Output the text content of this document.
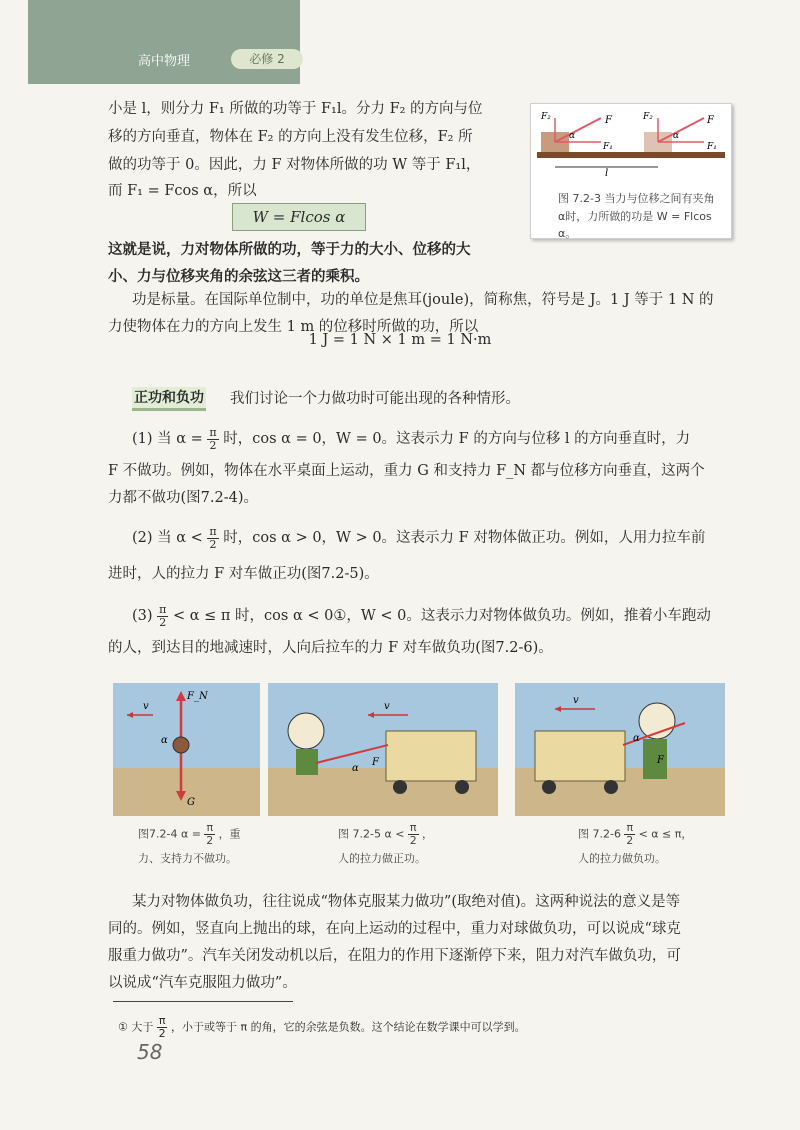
高中物理	必修 2
小是 l，则分力 F₁ 所做的功等于 F₁l。分力 F₂ 的方向与位
移的方向垂直，物体在 F₂ 的方向上没有发生位移，F₂ 所
做的功等于 0。因此，力 F 对物体所做的功 W 等于 F₁l，
而 F₁ = Fcos α，所以
W = Flcos α
这就是说，力对物体所做的功，等于力的大小、位移的大
小、力与位移夹角的余弦这三者的乘积。
F
F₁
F₂
α
F
F₁
F₂
α
l
图 7.2-3 当力与位移之间有夹角
α时，力所做的功是 W = Flcos α。
功是标量。在国际单位制中，功的单位是焦耳(joule)，简称焦，符号是 J。1 J 等于 1 N 的
力使物体在力的方向上发生 1 m 的位移时所做的功，所以
1 J = 1 N × 1 m = 1 N·m
正功和负功 我们讨论一个力做功时可能出现的各种情形。
(1) 当 $\alpha = \frac{\pi}{2}$ 时，cos α = 0，W = 0。这表示力 F 的方向与位移 l 的方向垂直时，力
F 不做功。例如，物体在水平桌面上运动，重力 G 和支持力 F_N 都与位移方向垂直，这两个
力都不做功(图7.2-4)。
(2) 当 $\alpha < \frac{\pi}{2}$ 时，cos α > 0，W > 0。这表示力 F 对物体做正功。例如，人用力拉车前
进时，人的拉力 F 对车做正功(图7.2-5)。
$(3) \frac{\pi}{2} < \alpha \le \pi$ 时，cos α < 0①，W < 0。这表示力对物体做负功。例如，推着小车跑动
的人，到达目的地减速时，人向后拉车的力 F 对车做负功(图7.2-6)。
v
F_N
G
α
图7.2-4 $\alpha = \frac{\pi}{2}$ ，重
力、支持力不做功。
v
F
α
图 7.2-5 $\alpha < \frac{\pi}{2}$ ，
人的拉力做正功。
v
F
α
图 $7.2-6 \frac{\pi}{2} < \alpha \le \pi$，
人的拉力做负功。
某力对物体做负功，往往说成“物体克服某力做功”(取绝对值)。这两种说法的意义是等
同的。例如，竖直向上抛出的球，在向上运动的过程中，重力对球做负功，可以说成“球克
服重力做功”。汽车关闭发动机以后，在阻力的作用下逐渐停下来，阻力对汽车做负功，可
以说成“汽车克服阻力做功”。
① 大于 $\frac{\pi}{2}$ ，小于或等于 π 的角，它的余弦是负数。这个结论在数学课中可以学到。
58
